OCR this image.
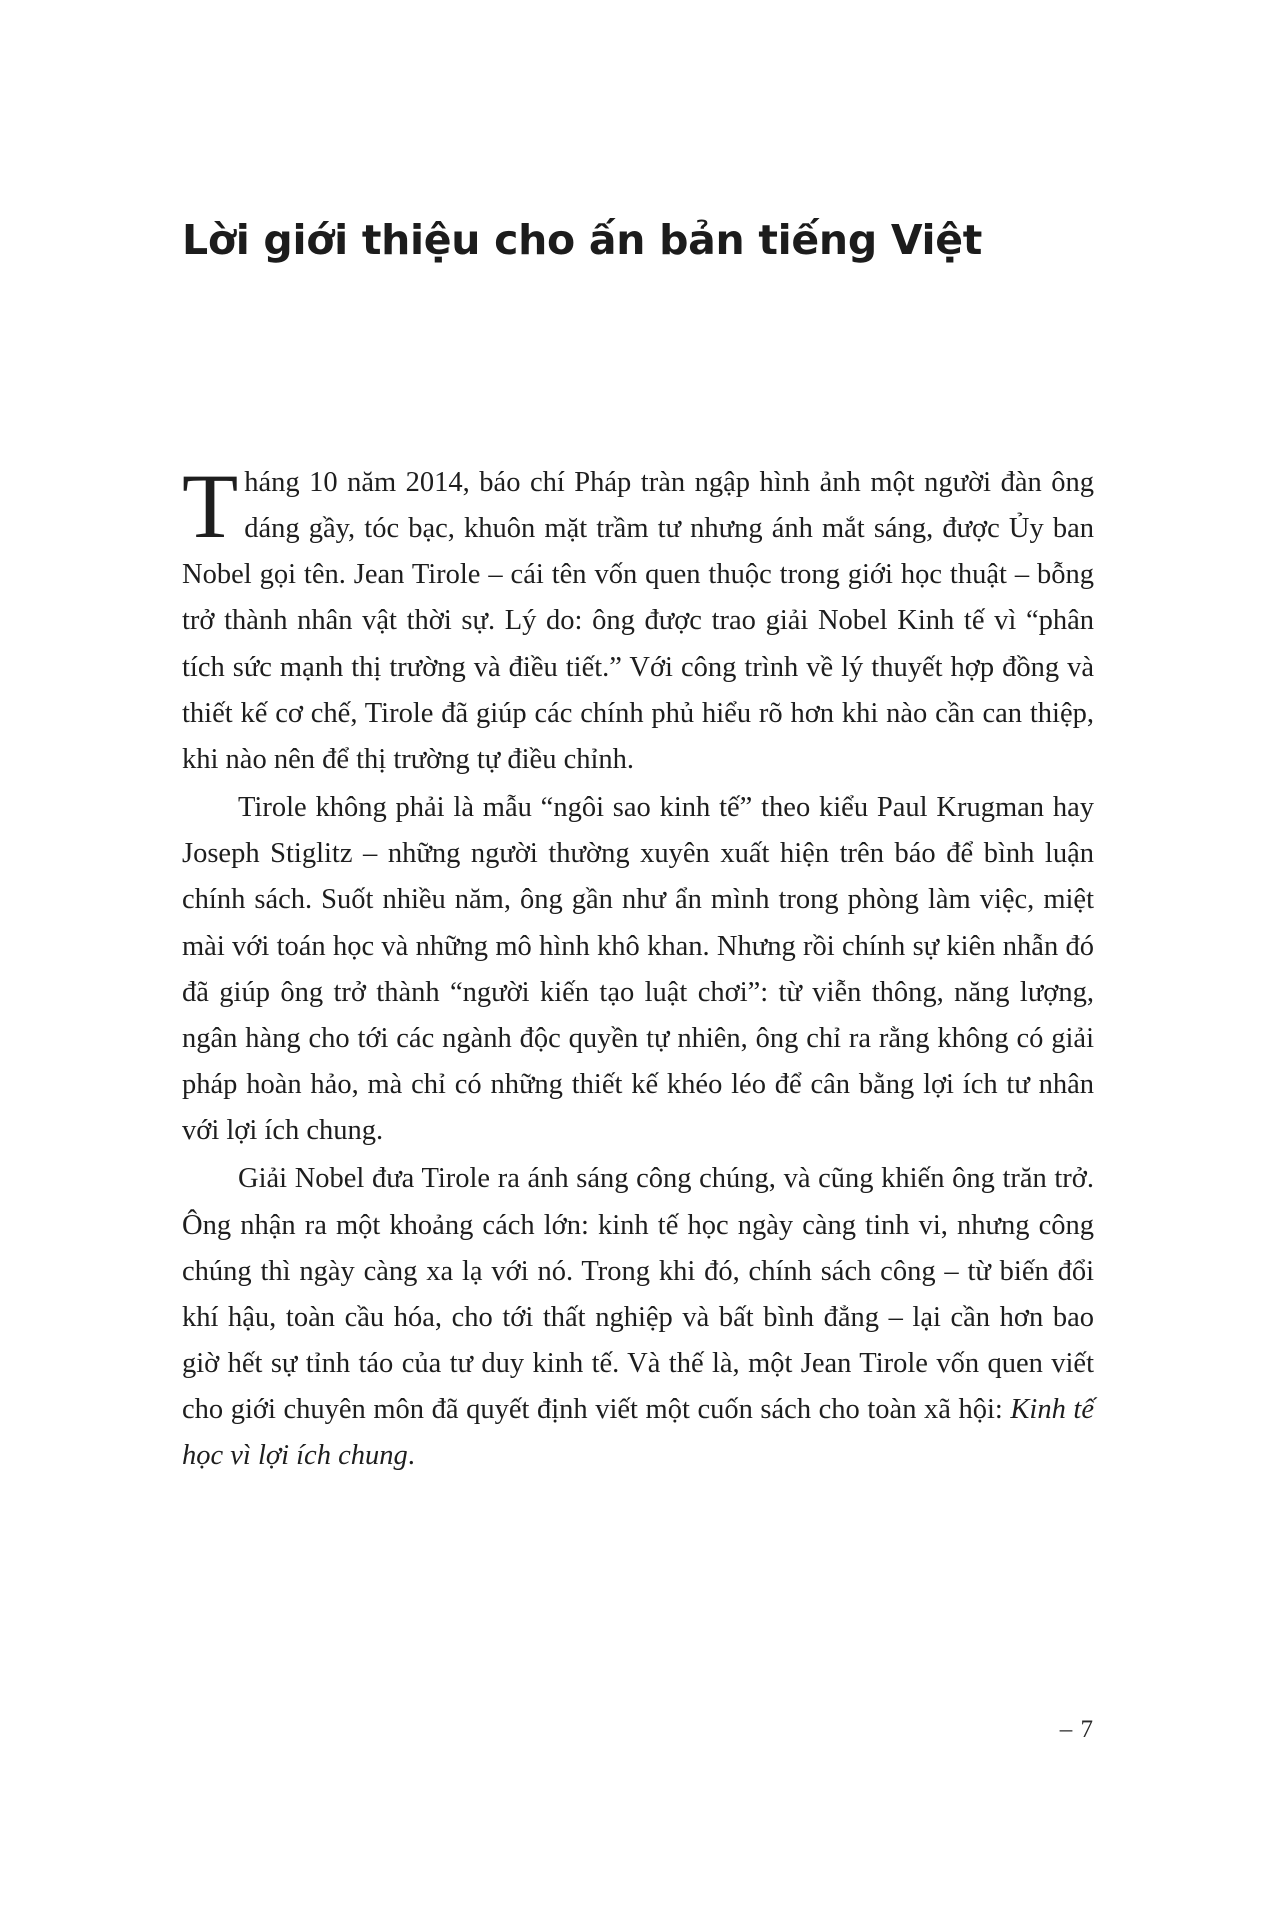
Lời giới thiệu cho ấn bản tiếng Việt

Tháng 10 năm 2014, báo chí Pháp tràn ngập hình ảnh một người đàn ông dáng gầy, tóc bạc, khuôn mặt trầm tư nhưng ánh mắt sáng, được Ủy ban Nobel gọi tên. Jean Tirole – cái tên vốn quen thuộc trong giới học thuật – bỗng trở thành nhân vật thời sự. Lý do: ông được trao giải Nobel Kinh tế vì “phân tích sức mạnh thị trường và điều tiết.” Với công trình về lý thuyết hợp đồng và thiết kế cơ chế, Tirole đã giúp các chính phủ hiểu rõ hơn khi nào cần can thiệp, khi nào nên để thị trường tự điều chỉnh.

Tirole không phải là mẫu “ngôi sao kinh tế” theo kiểu Paul Krugman hay Joseph Stiglitz – những người thường xuyên xuất hiện trên báo để bình luận chính sách. Suốt nhiều năm, ông gần như ẩn mình trong phòng làm việc, miệt mài với toán học và những mô hình khô khan. Nhưng rồi chính sự kiên nhẫn đó đã giúp ông trở thành “người kiến tạo luật chơi”: từ viễn thông, năng lượng, ngân hàng cho tới các ngành độc quyền tự nhiên, ông chỉ ra rằng không có giải pháp hoàn hảo, mà chỉ có những thiết kế khéo léo để cân bằng lợi ích tư nhân với lợi ích chung.

Giải Nobel đưa Tirole ra ánh sáng công chúng, và cũng khiến ông trăn trở. Ông nhận ra một khoảng cách lớn: kinh tế học ngày càng tinh vi, nhưng công chúng thì ngày càng xa lạ với nó. Trong khi đó, chính sách công – từ biến đổi khí hậu, toàn cầu hóa, cho tới thất nghiệp và bất bình đẳng – lại cần hơn bao giờ hết sự tỉnh táo của tư duy kinh tế. Và thế là, một Jean Tirole vốn quen viết cho giới chuyên môn đã quyết định viết một cuốn sách cho toàn xã hội: Kinh tế học vì lợi ích chung.

– 7
